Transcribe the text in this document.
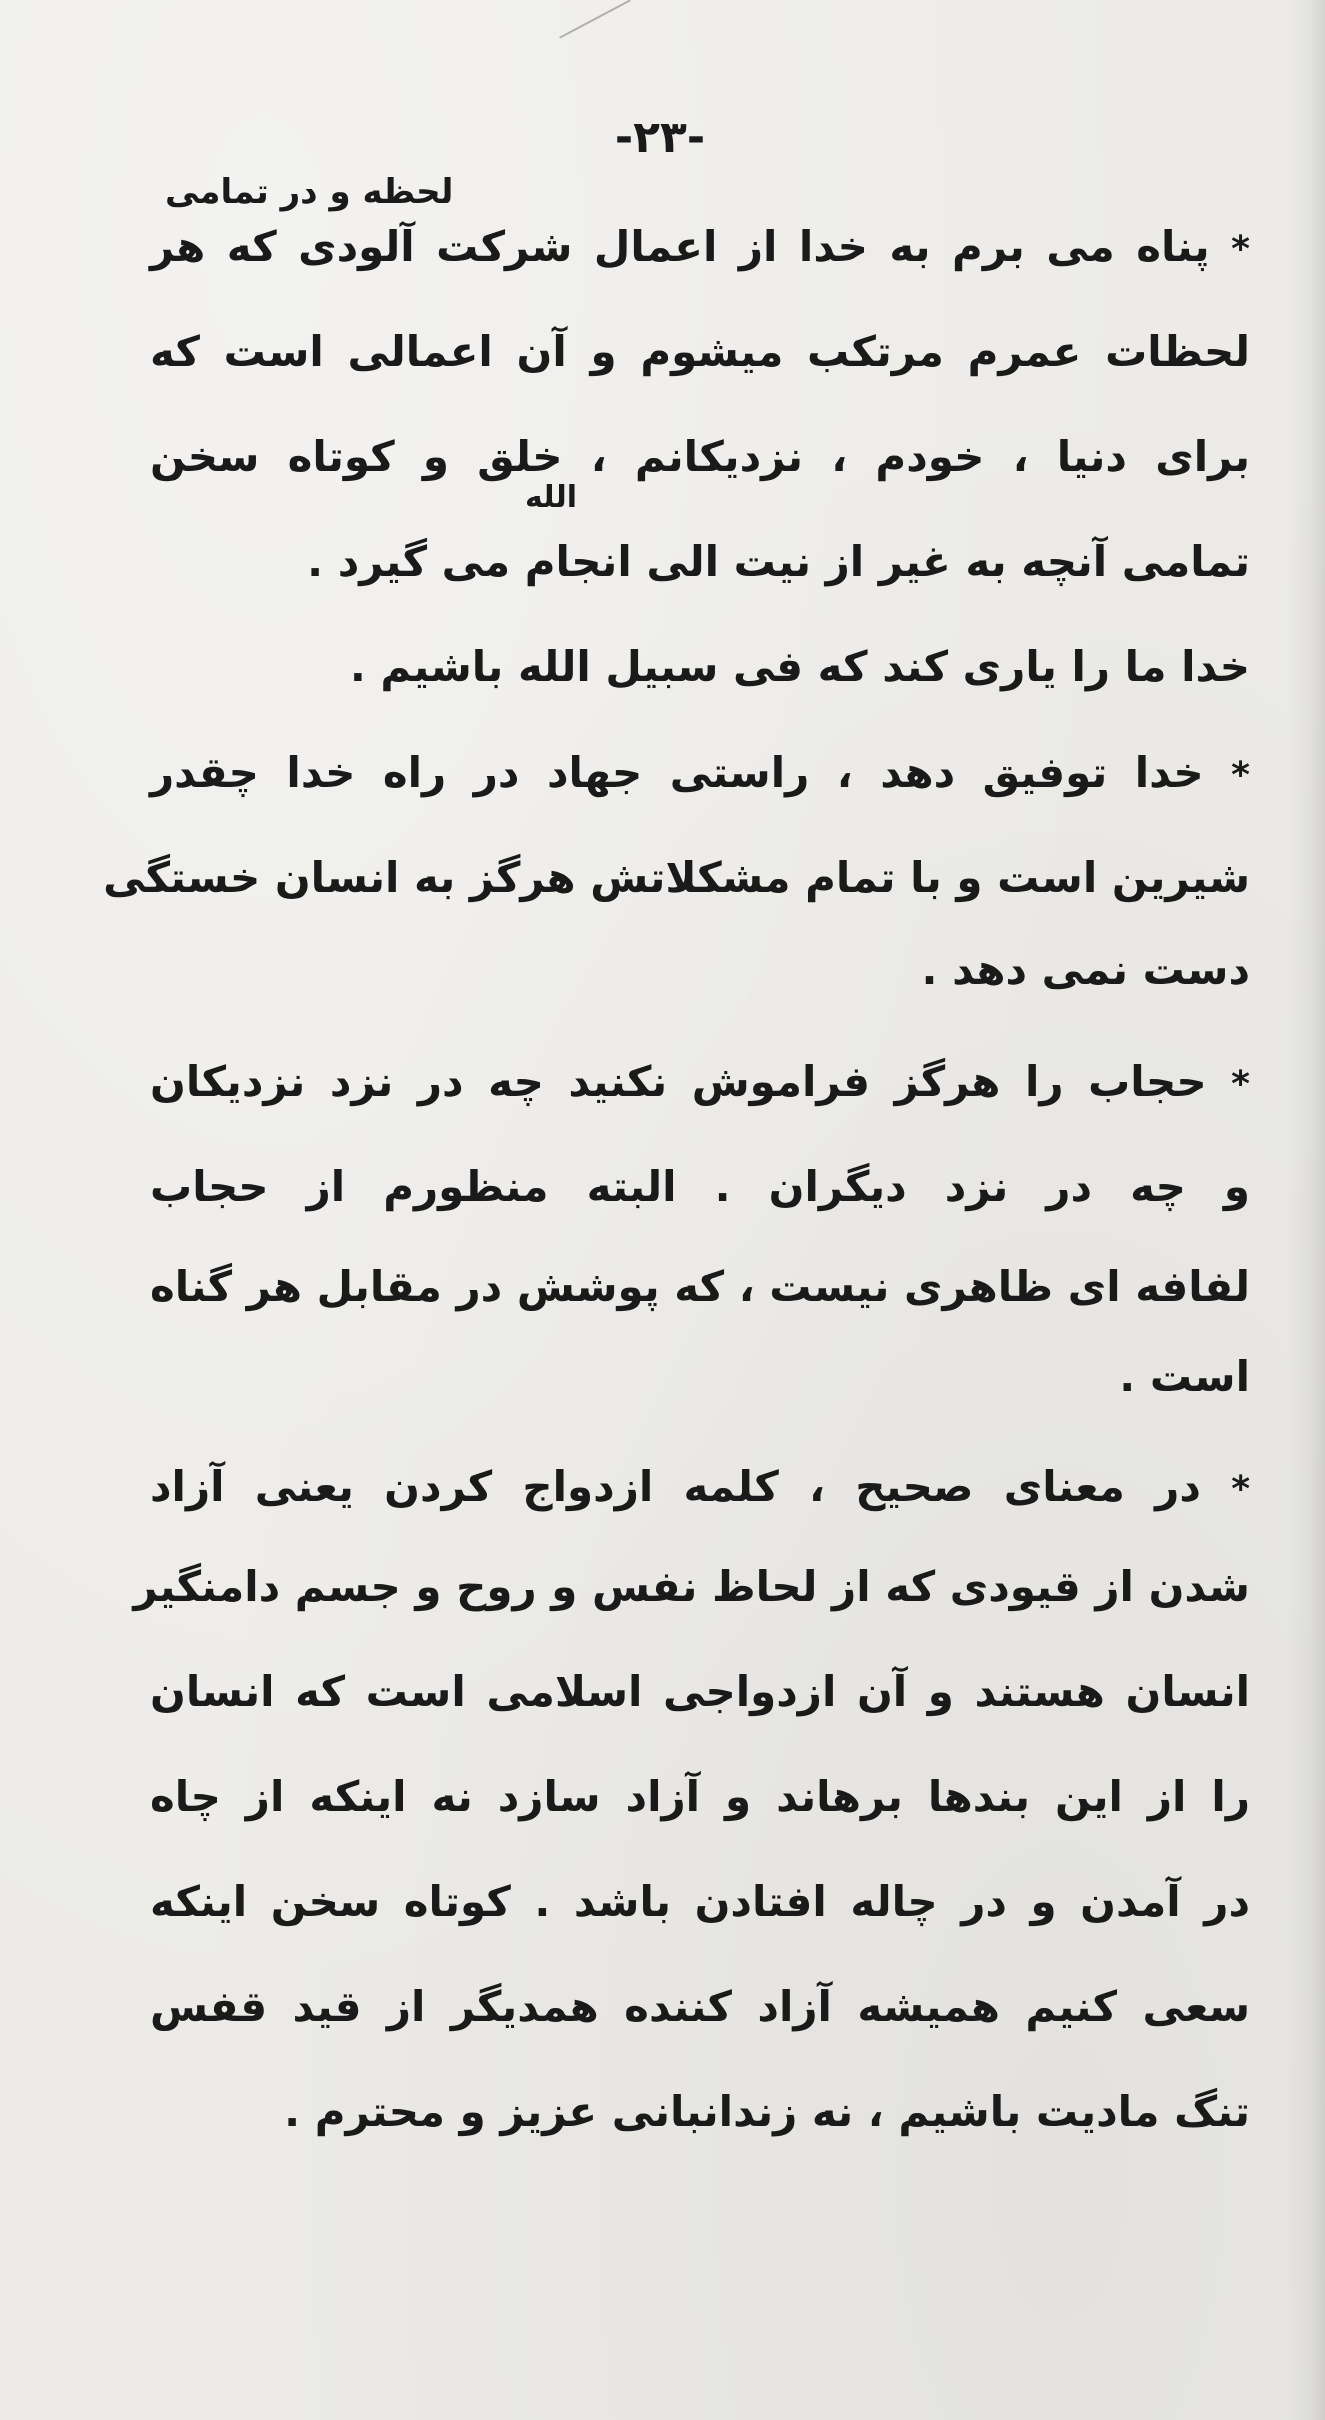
-۲۳-
لحظه و در تمامی
الله
* پناه می برم به خدا از اعمال شرکت آلودی که هر
لحظات عمرم مرتکب میشوم و آن اعمالی است که
برای دنیا ، خودم ، نزدیکانم ، خلق و کوتاه سخن
تمامی آنچه به غیر از نیت الی انجام می گیرد .
خدا ما را یاری کند که فی سبیل الله باشیم .
* خدا توفیق دهد ، راستی جهاد در راه خدا چقدر
شیرین است و با تمام مشکلاتش هرگز به انسان خستگی
دست نمی دهد .
* حجاب را هرگز فراموش نکنید چه در نزد نزدیکان
و چه در نزد دیگران . البته منظورم از حجاب
لفافه ای ظاهری نیست ، که پوشش در مقابل هر گناه
است .
* در معنای صحیح ، کلمه ازدواج کردن یعنی آزاد
شدن از قیودی که از لحاظ نفس و روح و جسم دامنگیر
انسان هستند و آن ازدواجی اسلامی است که انسان
را از این بندها برهاند و آزاد سازد نه اینکه از چاه
در آمدن و در چاله افتادن باشد . کوتاه سخن اینکه
سعی کنیم همیشه آزاد کننده همدیگر از قید قفس
تنگ مادیت باشیم ، نه زندانبانی عزیز و محترم .
